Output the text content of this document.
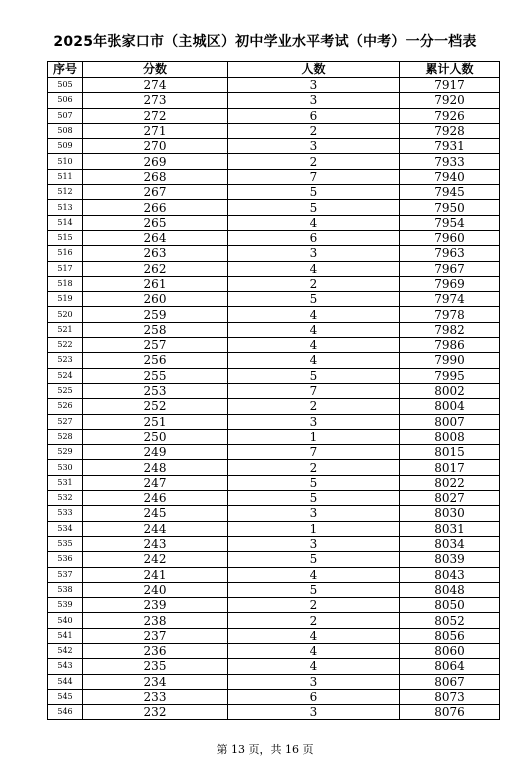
2025年张家口市（主城区）初中学业水平考试（中考）一分一档表
序号	分数	人数	累计人数
505	274	3	7917
506	273	3	7920
507	272	6	7926
508	271	2	7928
509	270	3	7931
510	269	2	7933
511	268	7	7940
512	267	5	7945
513	266	5	7950
514	265	4	7954
515	264	6	7960
516	263	3	7963
517	262	4	7967
518	261	2	7969
519	260	5	7974
520	259	4	7978
521	258	4	7982
522	257	4	7986
523	256	4	7990
524	255	5	7995
525	253	7	8002
526	252	2	8004
527	251	3	8007
528	250	1	8008
529	249	7	8015
530	248	2	8017
531	247	5	8022
532	246	5	8027
533	245	3	8030
534	244	1	8031
535	243	3	8034
536	242	5	8039
537	241	4	8043
538	240	5	8048
539	239	2	8050
540	238	2	8052
541	237	4	8056
542	236	4	8060
543	235	4	8064
544	234	3	8067
545	233	6	8073
546	232	3	8076
第 13 页，共 16 页
